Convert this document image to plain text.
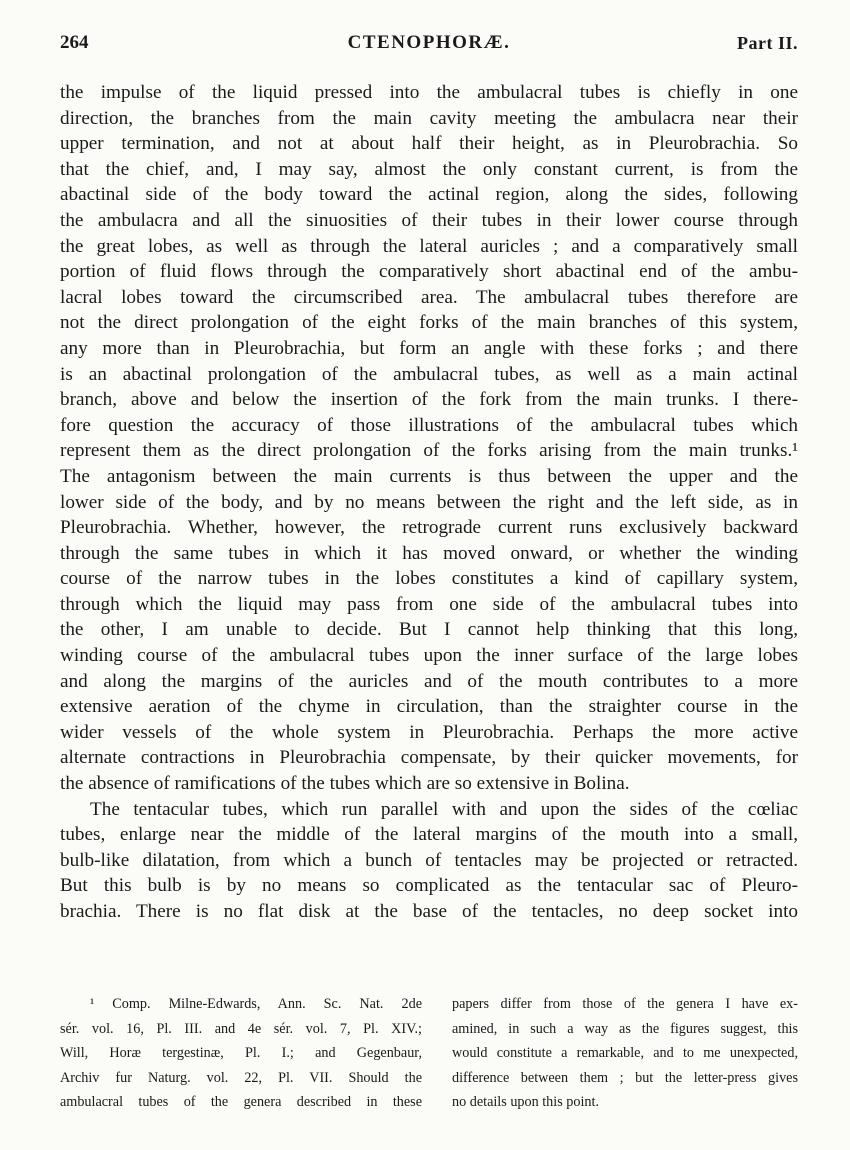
264	CTENOPHORÆ.	Part II.

the impulse of the liquid pressed into the ambulacral tubes is chiefly in one

direction, the branches from the main cavity meeting the ambulacra near their

upper termination, and not at about half their height, as in Pleurobrachia. So

that the chief, and, I may say, almost the only constant current, is from the

abactinal side of the body toward the actinal region, along the sides, following

the ambulacra and all the sinuosities of their tubes in their lower course through

the great lobes, as well as through the lateral auricles ; and a comparatively small

portion of fluid flows through the comparatively short abactinal end of the ambu-

lacral lobes toward the circumscribed area. The ambulacral tubes therefore are

not the direct prolongation of the eight forks of the main branches of this system,

any more than in Pleurobrachia, but form an angle with these forks ; and there

is an abactinal prolongation of the ambulacral tubes, as well as a main actinal

branch, above and below the insertion of the fork from the main trunks. I there-

fore question the accuracy of those illustrations of the ambulacral tubes which

represent them as the direct prolongation of the forks arising from the main trunks.¹

The antagonism between the main currents is thus between the upper and the

lower side of the body, and by no means between the right and the left side, as in

Pleurobrachia. Whether, however, the retrograde current runs exclusively backward

through the same tubes in which it has moved onward, or whether the winding

course of the narrow tubes in the lobes constitutes a kind of capillary system,

through which the liquid may pass from one side of the ambulacral tubes into

the other, I am unable to decide. But I cannot help thinking that this long,

winding course of the ambulacral tubes upon the inner surface of the large lobes

and along the margins of the auricles and of the mouth contributes to a more

extensive aeration of the chyme in circulation, than the straighter course in the

wider vessels of the whole system in Pleurobrachia. Perhaps the more active

alternate contractions in Pleurobrachia compensate, by their quicker movements, for

the absence of ramifications of the tubes which are so extensive in Bolina.

The tentacular tubes, which run parallel with and upon the sides of the cœliac

tubes, enlarge near the middle of the lateral margins of the mouth into a small,

bulb-like dilatation, from which a bunch of tentacles may be projected or retracted.

But this bulb is by no means so complicated as the tentacular sac of Pleuro-

brachia. There is no flat disk at the base of the tentacles, no deep socket into

¹ Comp. Milne-Edwards, Ann. Sc. Nat. 2de
sér. vol. 16, Pl. III. and 4e sér. vol. 7, Pl. XIV.;
Will, Horæ tergestinæ, Pl. I.; and Gegenbaur,
Archiv fur Naturg. vol. 22, Pl. VII. Should the
ambulacral tubes of the genera described in these
papers differ from those of the genera I have ex-
amined, in such a way as the figures suggest, this
would constitute a remarkable, and to me unexpected,
difference between them ; but the letter-press gives
no details upon this point.
